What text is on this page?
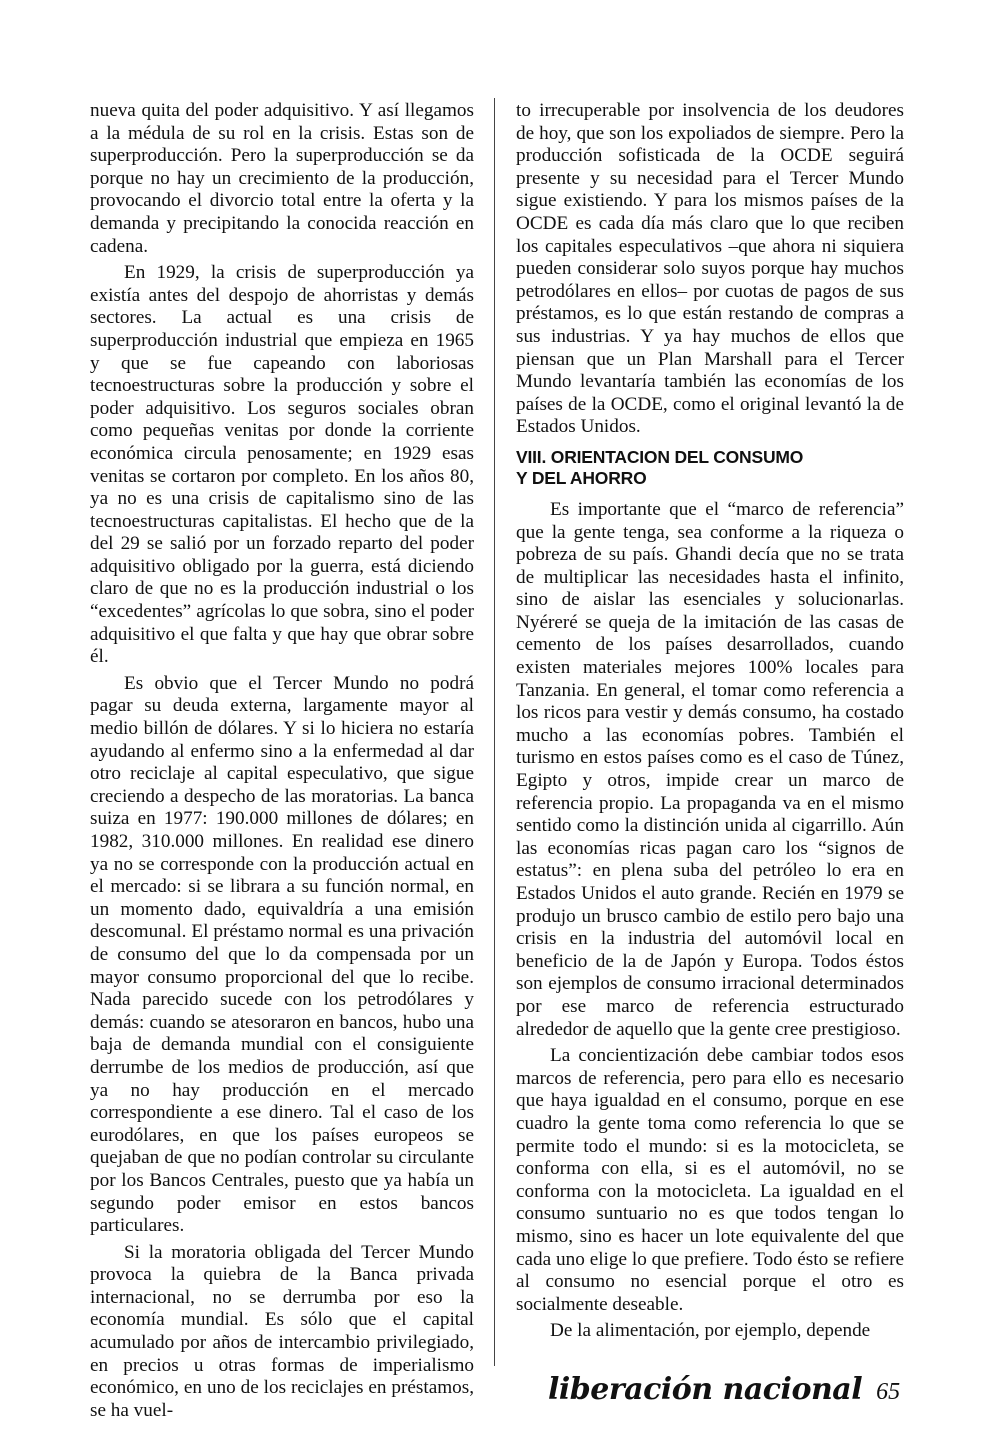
nueva quita del poder adquisitivo. Y así llegamos a la médula de su rol en la crisis. Estas son de superproducción. Pero la superproducción se da porque no hay un crecimiento de la producción, provocando el divorcio total entre la oferta y la demanda y precipitando la conocida reacción en cadena.

En 1929, la crisis de superproducción ya existía antes del despojo de ahorristas y demás sectores. La actual es una crisis de superproducción industrial que empieza en 1965 y que se fue capeando con laboriosas tecnoestructuras sobre la producción y sobre el poder adquisitivo. Los seguros sociales obran como pequeñas venitas por donde la corriente económica circula penosamente; en 1929 esas venitas se cortaron por completo. En los años 80, ya no es una crisis de capitalismo sino de las tecnoestructuras capitalistas. El hecho que de la del 29 se salió por un forzado reparto del poder adquisitivo obligado por la guerra, está diciendo claro de que no es la producción industrial o los “excedentes” agrícolas lo que sobra, sino el poder adquisitivo el que falta y que hay que obrar sobre él.

Es obvio que el Tercer Mundo no podrá pagar su deuda externa, largamente mayor al medio billón de dólares. Y si lo hiciera no estaría ayudando al enfermo sino a la enfermedad al dar otro reciclaje al capital especulativo, que sigue creciendo a despecho de las moratorias. La banca suiza en 1977: 190.000 millones de dólares; en 1982, 310.000 millones. En realidad ese dinero ya no se corresponde con la producción actual en el mercado: si se librara a su función normal, en un momento dado, equivaldría a una emisión descomunal. El préstamo normal es una privación de consumo del que lo da compensada por un mayor consumo proporcional del que lo recibe. Nada parecido sucede con los petrodólares y demás: cuando se atesoraron en bancos, hubo una baja de demanda mundial con el consiguiente derrumbe de los medios de producción, así que ya no hay producción en el mercado correspondiente a ese dinero. Tal el caso de los eurodólares, en que los países europeos se quejaban de que no podían controlar su circulante por los Bancos Centrales, puesto que ya había un segundo poder emisor en estos bancos particulares.

Si la moratoria obligada del Tercer Mundo provoca la quiebra de la Banca privada internacional, no se derrumba por eso la economía mundial. Es sólo que el capital acumulado por años de intercambio privilegiado, en precios u otras formas de imperialismo económico, en uno de los reciclajes en préstamos, se ha vuel-

to irrecuperable por insolvencia de los deudores de hoy, que son los expoliados de siempre. Pero la producción sofisticada de la OCDE seguirá presente y su necesidad para el Tercer Mundo sigue existiendo. Y para los mismos países de la OCDE es cada día más claro que lo que reciben los capitales especulativos –que ahora ni siquiera pueden considerar solo suyos porque hay muchos petrodólares en ellos– por cuotas de pagos de sus préstamos, es lo que están restando de compras a sus industrias. Y ya hay muchos de ellos que piensan que un Plan Marshall para el Tercer Mundo levantaría también las economías de los países de la OCDE, como el original levantó la de Estados Unidos.

VIII. ORIENTACION DEL CONSUMO
Y DEL AHORRO

Es importante que el “marco de referencia” que la gente tenga, sea conforme a la riqueza o pobreza de su país. Ghandi decía que no se trata de multiplicar las necesidades hasta el infinito, sino de aislar las esenciales y solucionarlas. Nyéreré se queja de la imitación de las casas de cemento de los países desarrollados, cuando existen materiales mejores 100% locales para Tanzania. En general, el tomar como referencia a los ricos para vestir y demás consumo, ha costado mucho a las economías pobres. También el turismo en estos países como es el caso de Túnez, Egipto y otros, impide crear un marco de referencia propio. La propaganda va en el mismo sentido como la distinción unida al cigarrillo. Aún las economías ricas pagan caro los “signos de estatus”: en plena suba del petróleo lo era en Estados Unidos el auto grande. Recién en 1979 se produjo un brusco cambio de estilo pero bajo una crisis en la industria del automóvil local en beneficio de la de Japón y Europa. Todos éstos son ejemplos de consumo irracional determinados por ese marco de referencia estructurado alrededor de aquello que la gente cree prestigioso.

La concientización debe cambiar todos esos marcos de referencia, pero para ello es necesario que haya igualdad en el consumo, porque en ese cuadro la gente toma como referencia lo que se permite todo el mundo: si es la motocicleta, se conforma con ella, si es el automóvil, no se conforma con la motocicleta. La igualdad en el consumo suntuario no es que todos tengan lo mismo, sino es hacer un lote equivalente del que cada uno elige lo que prefiere. Todo ésto se refiere al consumo no esencial porque el otro es socialmente deseable.

De la alimentación, por ejemplo, depende

liberación nacional 65
